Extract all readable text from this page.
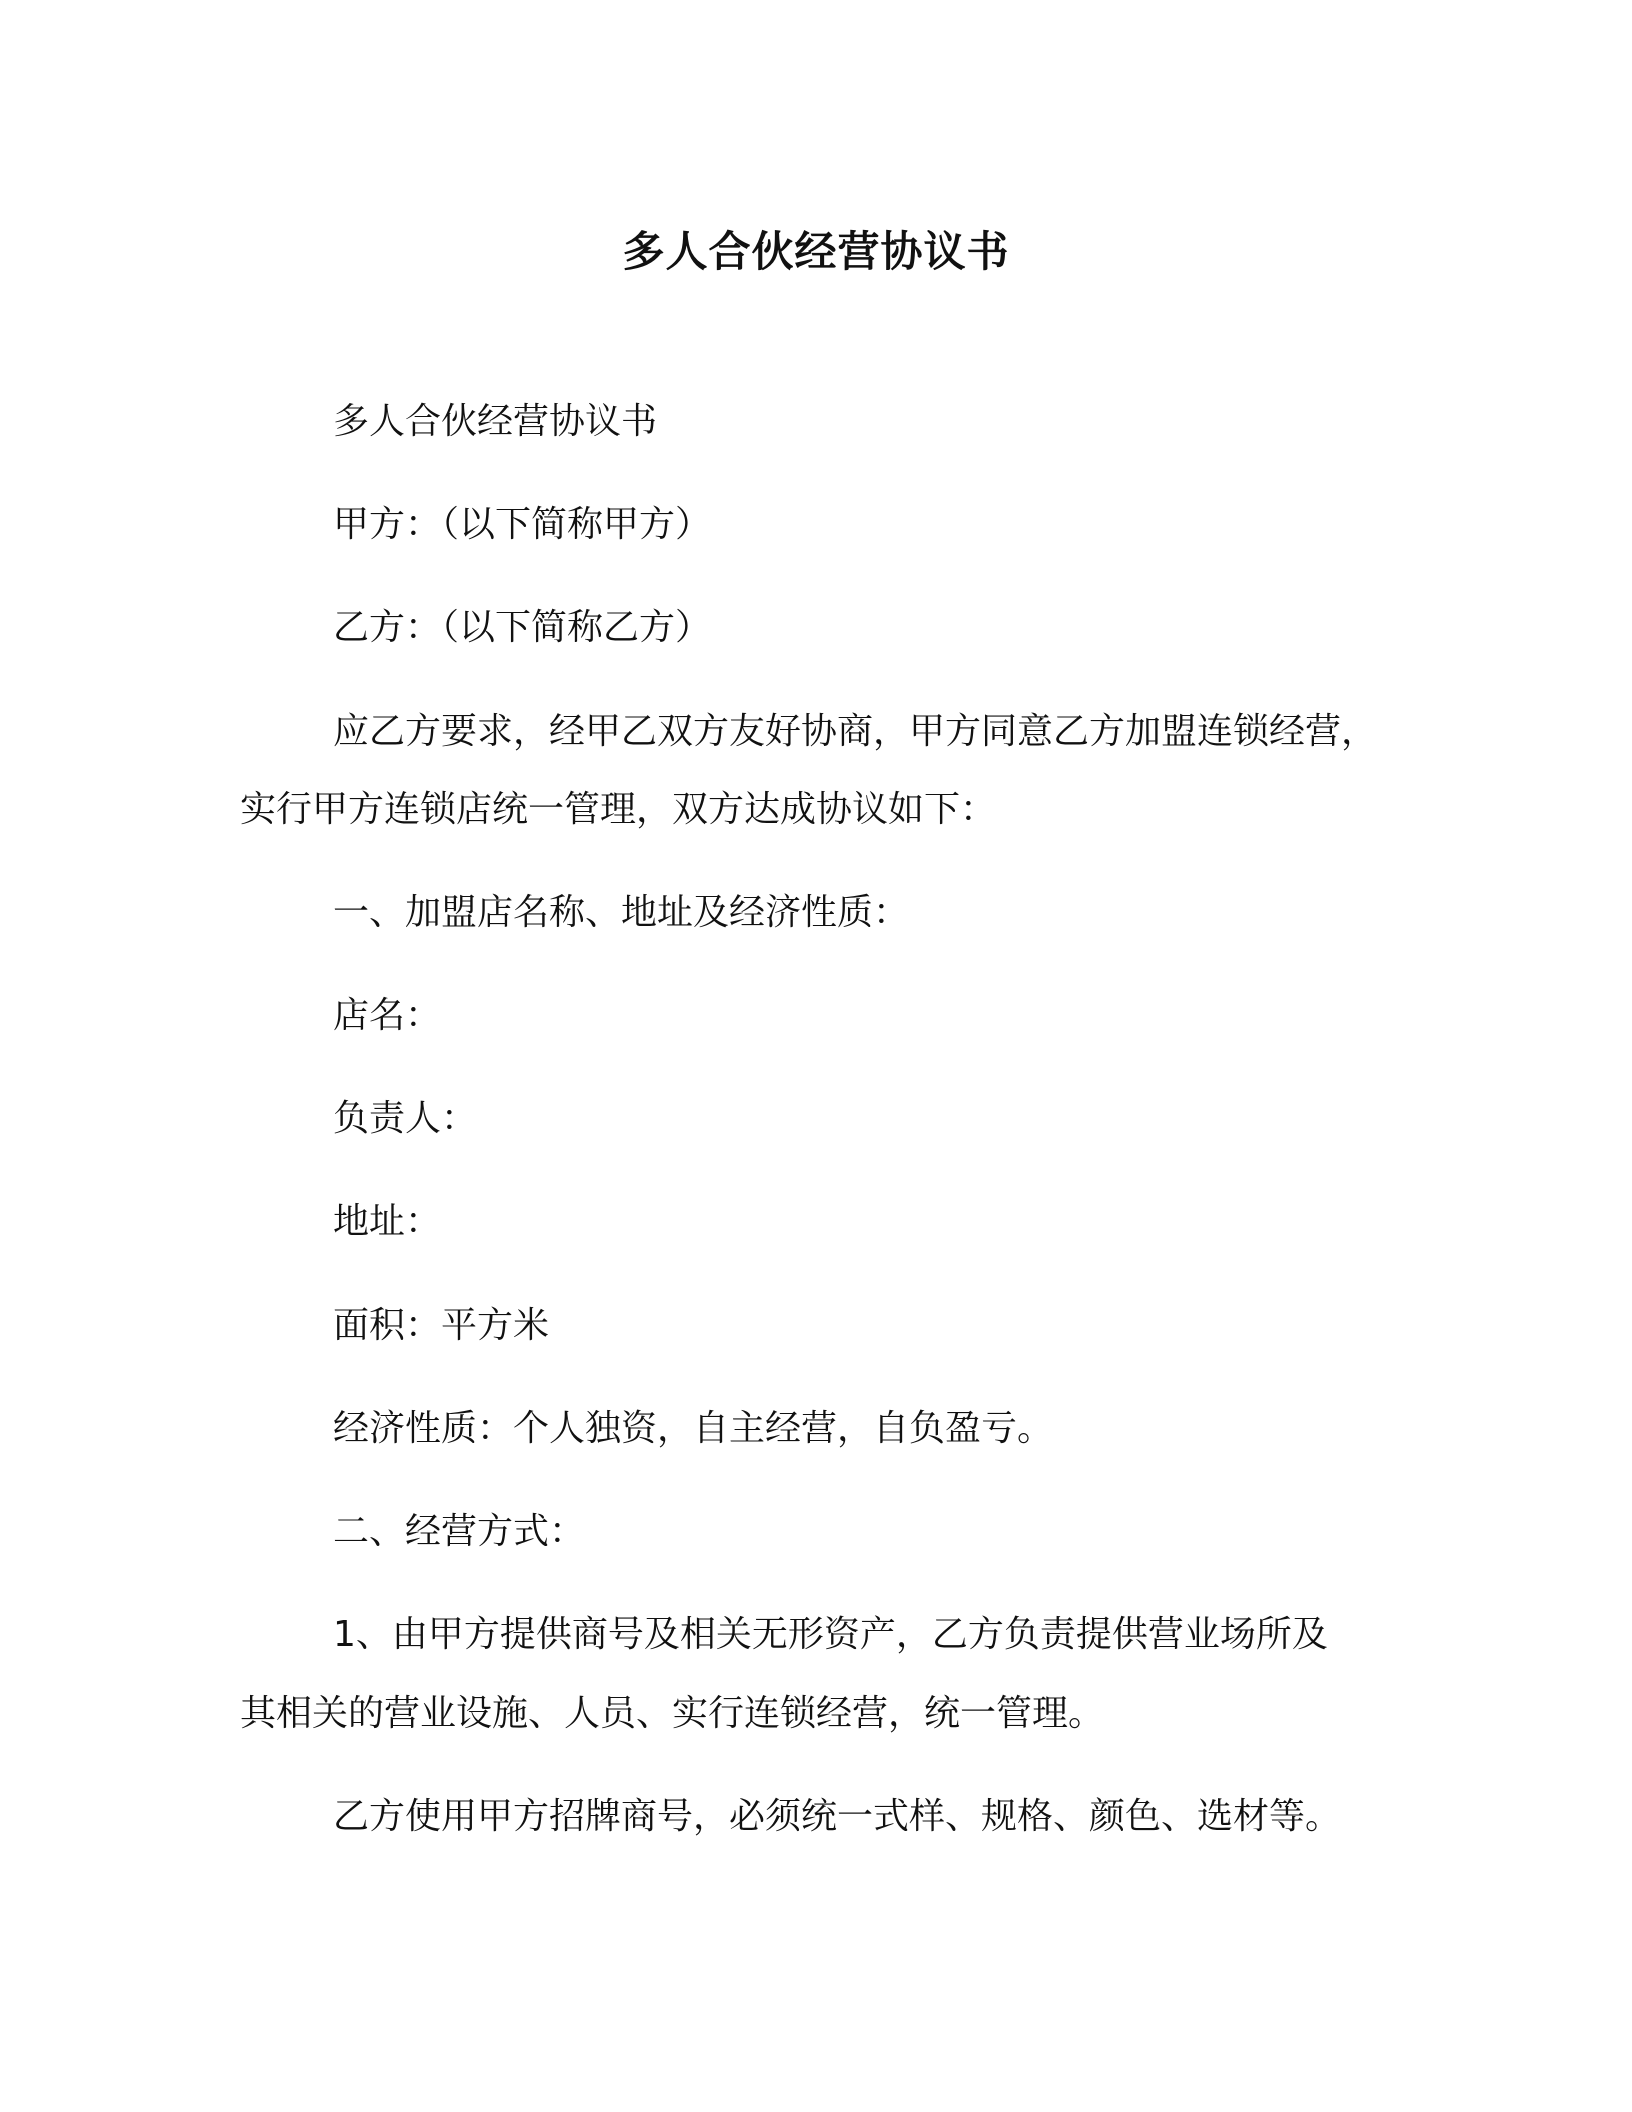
多人合伙经营协议书
多人合伙经营协议书
甲方：（以下简称甲方）
乙方：（以下简称乙方）
应乙方要求，经甲乙双方友好协商，甲方同意乙方加盟连锁经营，
实行甲方连锁店统一管理，双方达成协议如下：
一、加盟店名称、地址及经济性质：
店名：
负责人：
地址：
面积：平方米
经济性质：个人独资，自主经营，自负盈亏。
二、经营方式：
1、由甲方提供商号及相关无形资产，乙方负责提供营业场所及
其相关的营业设施、人员、实行连锁经营，统一管理。
乙方使用甲方招牌商号，必须统一式样、规格、颜色、选材等。
